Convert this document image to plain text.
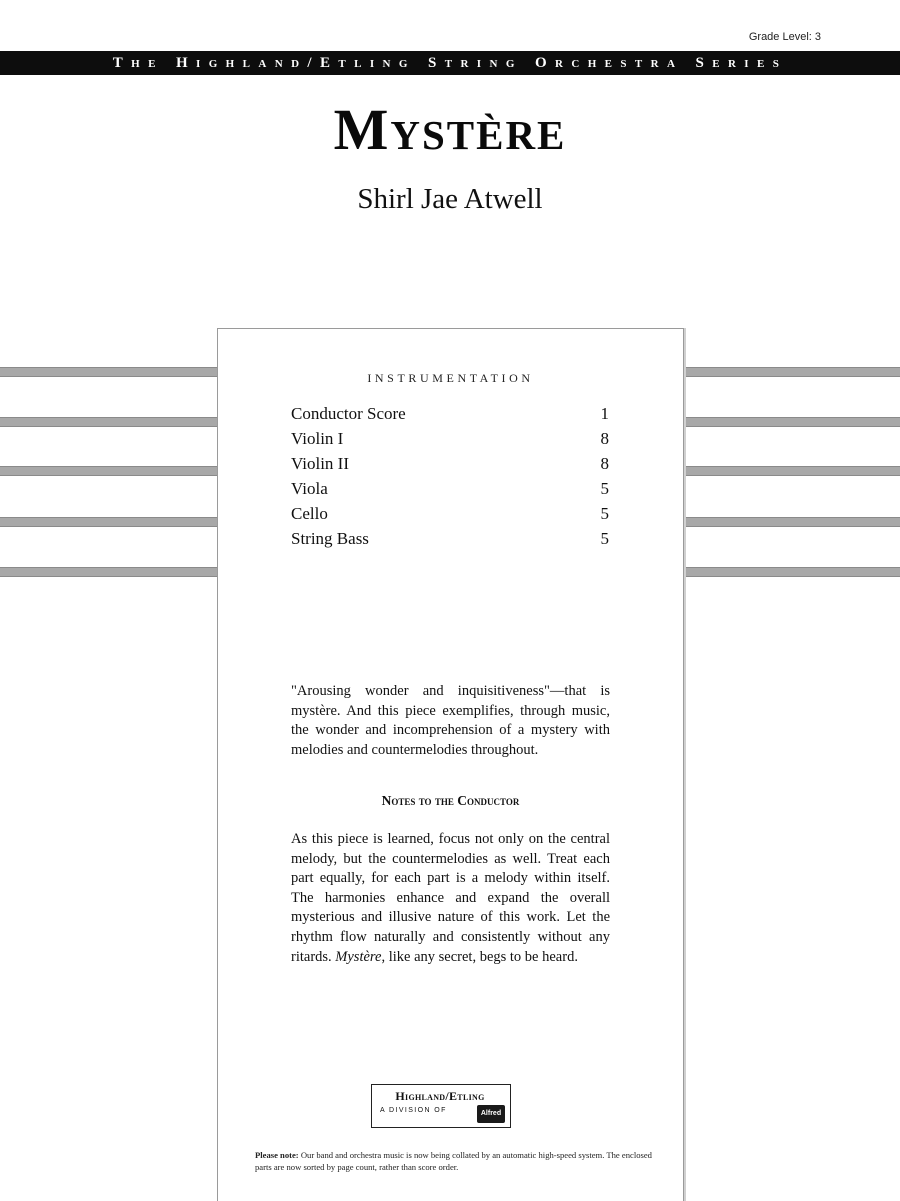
Grade Level: 3
The Highland/Etling String Orchestra Series
Mystère
Shirl Jae Atwell
INSTRUMENTATION
Conductor Score	1
Violin I	8
Violin II	8
Viola	5
Cello	5
String Bass	5
"Arousing wonder and inquisitiveness"—that is mystère. And this piece exemplifies, through music, the wonder and incomprehension of a mystery with melodies and countermelodies throughout.
Notes to the Conductor
As this piece is learned, focus not only on the central melody, but the countermelodies as well. Treat each part equally, for each part is a melody within itself. The harmonies enhance and expand the overall mysterious and illusive nature of this work. Let the rhythm flow naturally and consistently without any ritards. Mystère, like any secret, begs to be heard.
Highland/Etling
A DIVISION OF	Alfred
Please note: Our band and orchestra music is now being collated by an automatic high-speed system. The enclosed parts are now sorted by page count, rather than score order.
